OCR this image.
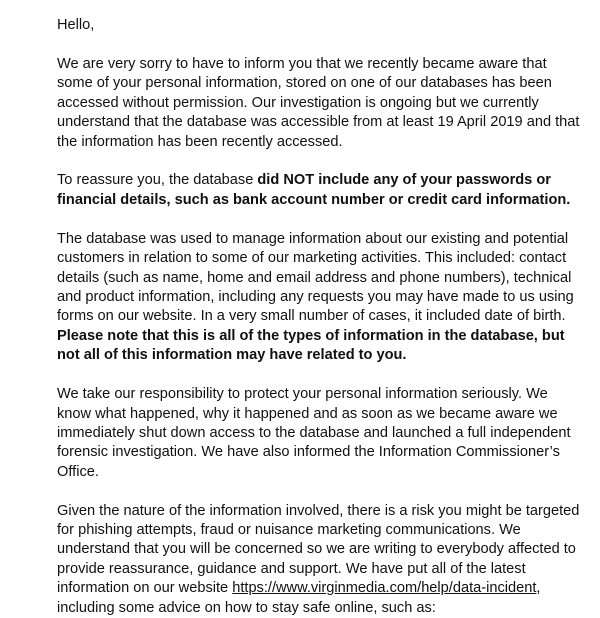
Hello,

We are very sorry to have to inform you that we recently became aware that some of your personal information, stored on one of our databases has been accessed without permission. Our investigation is ongoing but we currently understand that the database was accessible from at least 19 April 2019 and that the information has been recently accessed.

To reassure you, the database did NOT include any of your passwords or financial details, such as bank account number or credit card information.

The database was used to manage information about our existing and potential customers in relation to some of our marketing activities. This included: contact details (such as name, home and email address and phone numbers), technical and product information, including any requests you may have made to us using forms on our website. In a very small number of cases, it included date of birth. Please note that this is all of the types of information in the database, but not all of this information may have related to you.

We take our responsibility to protect your personal information seriously. We know what happened, why it happened and as soon as we became aware we immediately shut down access to the database and launched a full independent forensic investigation. We have also informed the Information Commissioner’s Office.

Given the nature of the information involved, there is a risk you might be targeted for phishing attempts, fraud or nuisance marketing communications. We understand that you will be concerned so we are writing to everybody affected to provide reassurance, guidance and support. We have put all of the latest information on our website https://www.virginmedia.com/help/data-incident, including some advice on how to stay safe online, such as:
